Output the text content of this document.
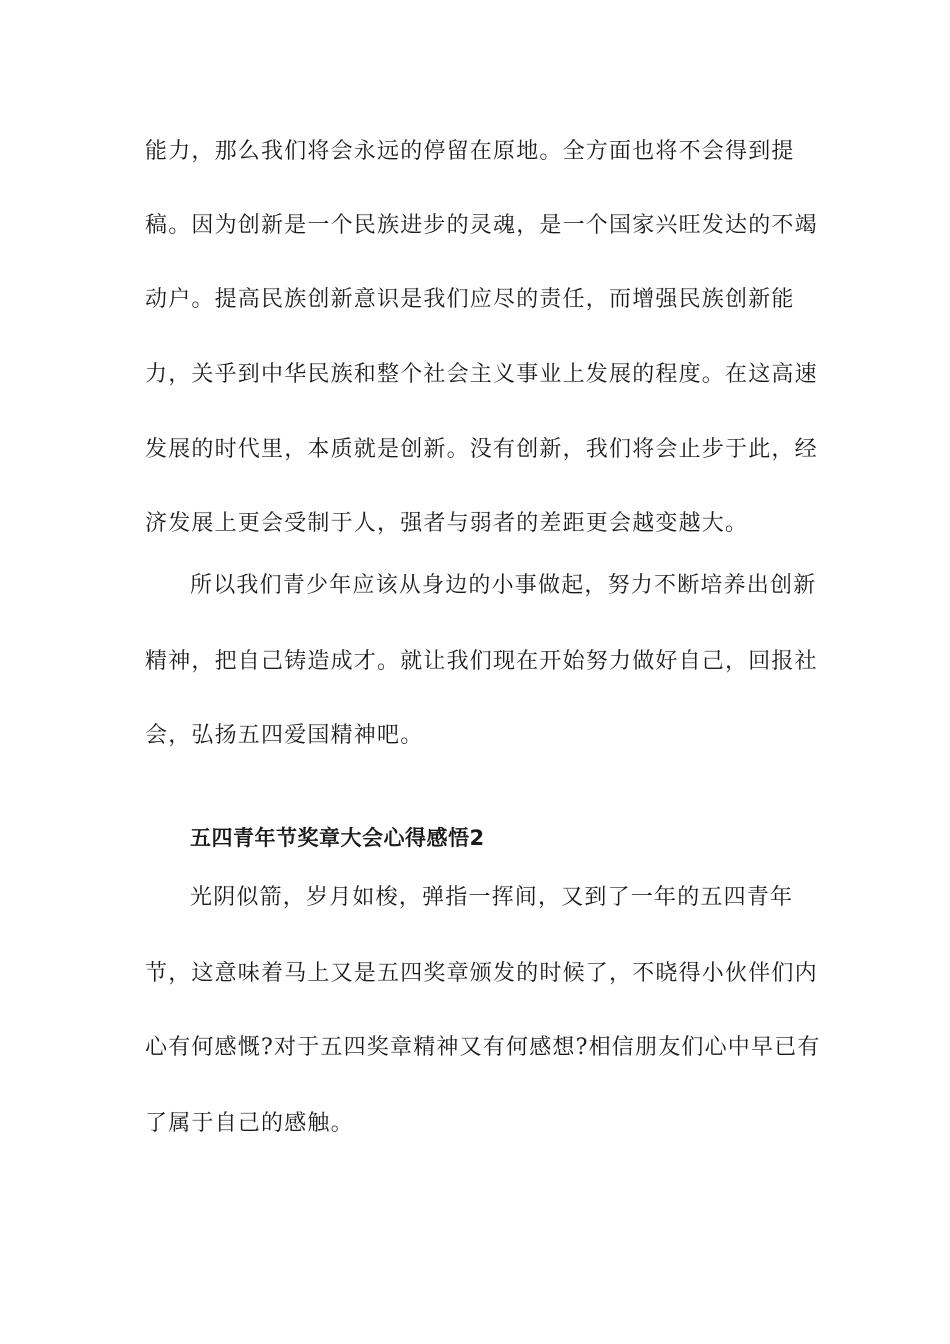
能力，那么我们将会永远的停留在原地。全方面也将不会得到提
稿。因为创新是一个民族进步的灵魂，是一个国家兴旺发达的不竭
动户。提高民族创新意识是我们应尽的责任，而增强民族创新能
力，关乎到中华民族和整个社会主义事业上发展的程度。在这高速
发展的时代里，本质就是创新。没有创新，我们将会止步于此，经
济发展上更会受制于人，强者与弱者的差距更会越变越大。
所以我们青少年应该从身边的小事做起，努力不断培养出创新
精神，把自己铸造成才。就让我们现在开始努力做好自己，回报社
会，弘扬五四爱国精神吧。
五四青年节奖章大会心得感悟2
光阴似箭，岁月如梭，弹指一挥间，又到了一年的五四青年
节，这意味着马上又是五四奖章颁发的时候了，不晓得小伙伴们内
心有何感慨?对于五四奖章精神又有何感想?相信朋友们心中早已有
了属于自己的感触。
